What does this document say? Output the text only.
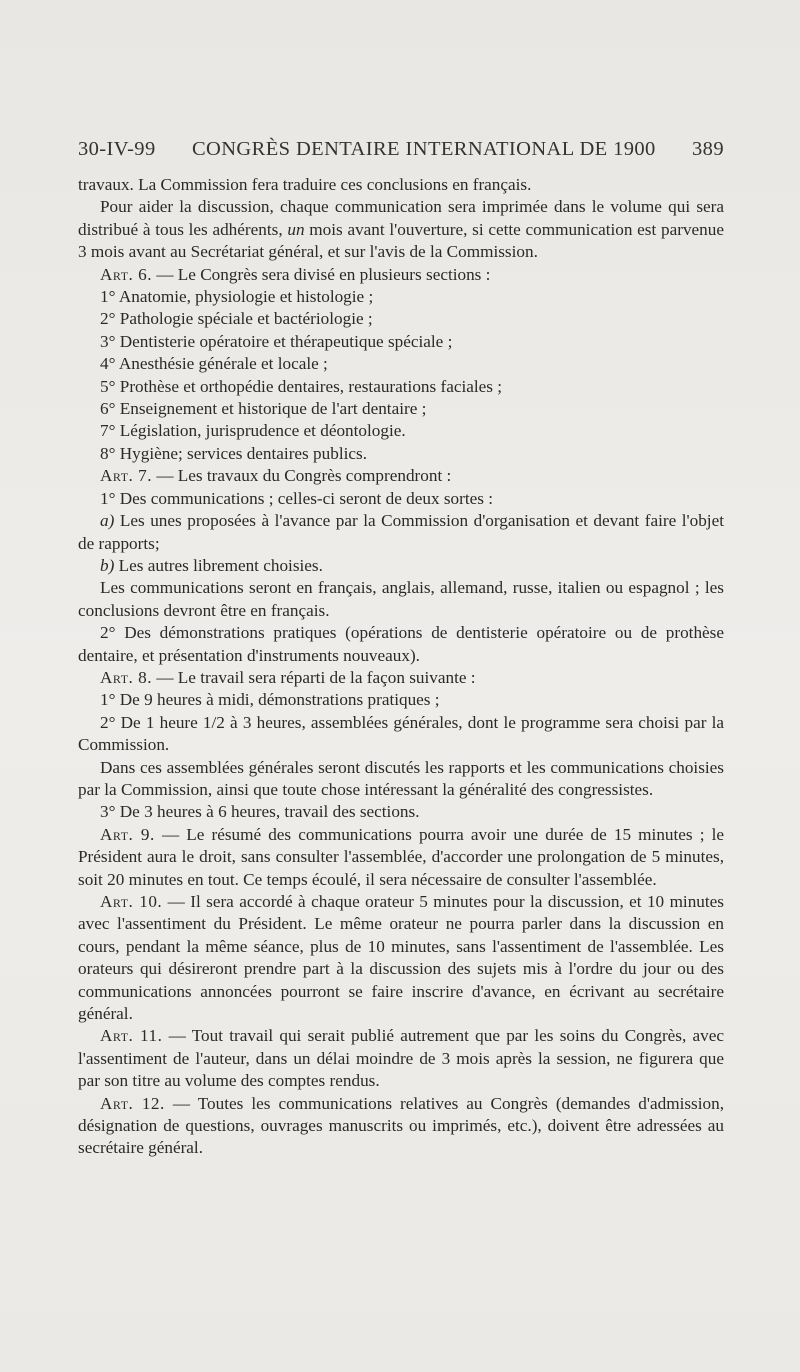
30-IV-99 CONGRÈS DENTAIRE INTERNATIONAL DE 1900 389

travaux. La Commission fera traduire ces conclusions en français.

Pour aider la discussion, chaque communication sera imprimée dans le volume qui sera distribué à tous les adhérents, un mois avant l'ouverture, si cette communication est parvenue 3 mois avant au Secrétariat général, et sur l'avis de la Commission.

Art. 6. — Le Congrès sera divisé en plusieurs sections :

1° Anatomie, physiologie et histologie ;

2° Pathologie spéciale et bactériologie ;

3° Dentisterie opératoire et thérapeutique spéciale ;

4° Anesthésie générale et locale ;

5° Prothèse et orthopédie dentaires, restaurations faciales ;

6° Enseignement et historique de l'art dentaire ;

7° Législation, jurisprudence et déontologie.

8° Hygiène; services dentaires publics.

Art. 7. — Les travaux du Congrès comprendront :

1° Des communications ; celles-ci seront de deux sortes :

a) Les unes proposées à l'avance par la Commission d'organisation et devant faire l'objet de rapports;

b) Les autres librement choisies.

Les communications seront en français, anglais, allemand, russe, italien ou espagnol ; les conclusions devront être en français.

2° Des démonstrations pratiques (opérations de dentisterie opératoire ou de prothèse dentaire, et présentation d'instruments nouveaux).

Art. 8. — Le travail sera réparti de la façon suivante :

1° De 9 heures à midi, démonstrations pratiques ;

2° De 1 heure 1/2 à 3 heures, assemblées générales, dont le programme sera choisi par la Commission.

Dans ces assemblées générales seront discutés les rapports et les communications choisies par la Commission, ainsi que toute chose intéressant la généralité des congressistes.

3° De 3 heures à 6 heures, travail des sections.

Art. 9. — Le résumé des communications pourra avoir une durée de 15 minutes ; le Président aura le droit, sans consulter l'assemblée, d'accorder une prolongation de 5 minutes, soit 20 minutes en tout. Ce temps écoulé, il sera nécessaire de consulter l'assemblée.

Art. 10. — Il sera accordé à chaque orateur 5 minutes pour la discussion, et 10 minutes avec l'assentiment du Président. Le même orateur ne pourra parler dans la discussion en cours, pendant la même séance, plus de 10 minutes, sans l'assentiment de l'assemblée. Les orateurs qui désireront prendre part à la discussion des sujets mis à l'ordre du jour ou des communications annoncées pourront se faire inscrire d'avance, en écrivant au secrétaire général.

Art. 11. — Tout travail qui serait publié autrement que par les soins du Congrès, avec l'assentiment de l'auteur, dans un délai moindre de 3 mois après la session, ne figurera que par son titre au volume des comptes rendus.

Art. 12. — Toutes les communications relatives au Congrès (demandes d'admission, désignation de questions, ouvrages manuscrits ou imprimés, etc.), doivent être adressées au secrétaire général.
